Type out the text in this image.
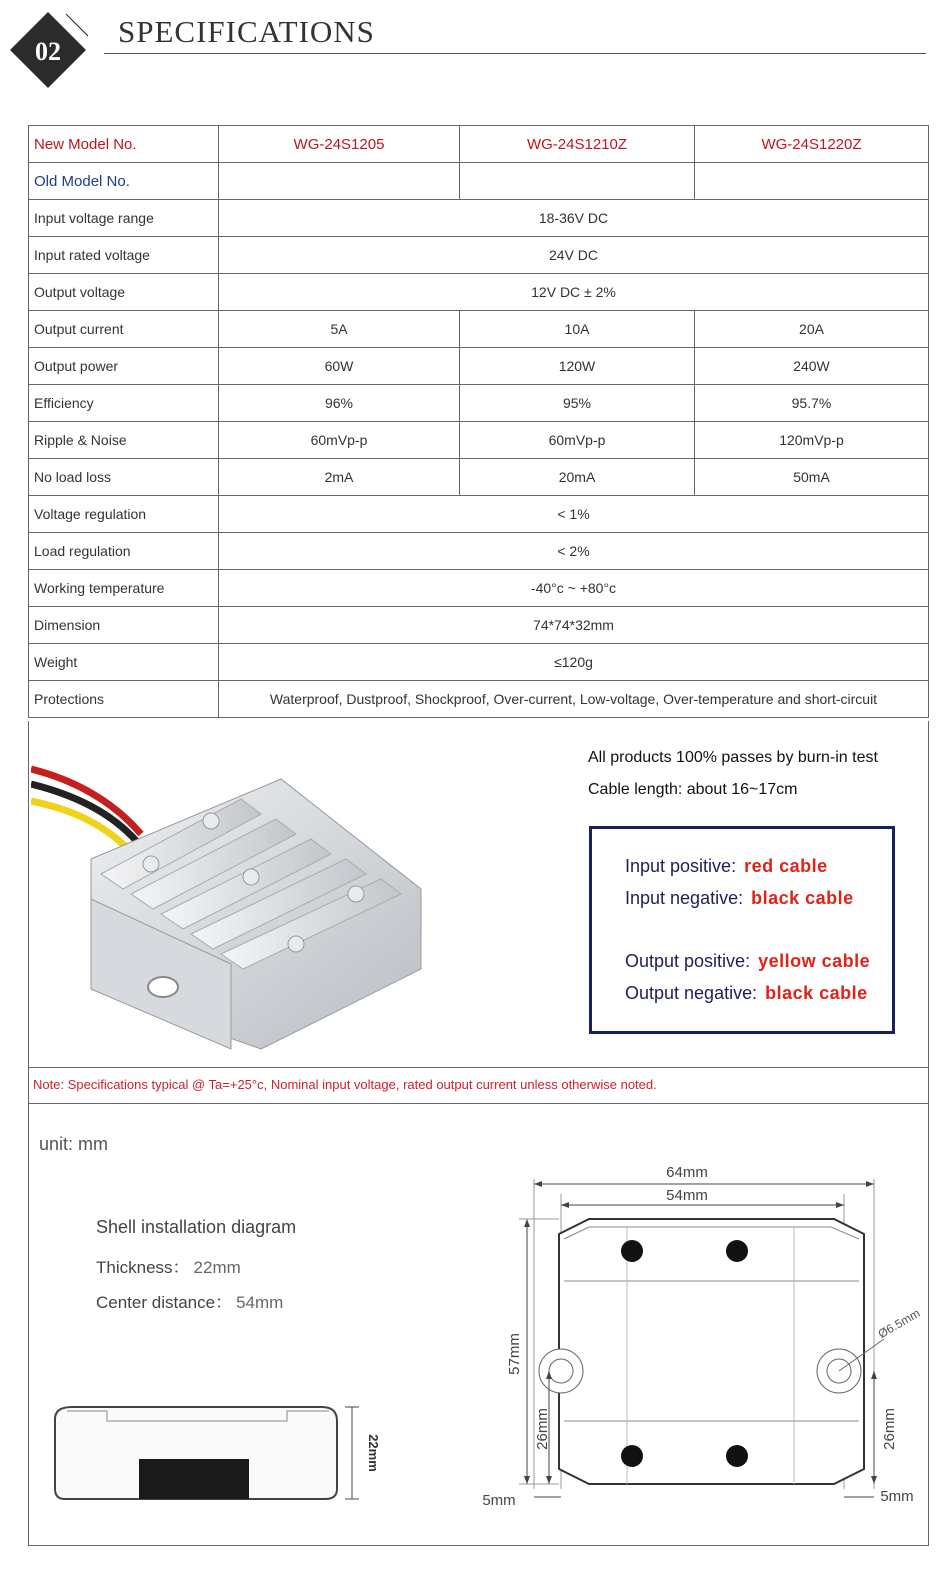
02
SPECIFICATIONS
New Model No.	WG-24S1205	WG-24S1210Z	WG-24S1220Z
Old Model No.			
Input voltage range	18-36V DC		
Input rated voltage	24V DC		
Output voltage	12V DC ± 2%		
Output current	5A	10A	20A
Output power	60W	120W	240W
Efficiency	96%	95%	95.7%
Ripple & Noise	60mVp-p	60mVp-p	120mVp-p
No load loss	2mA	20mA	50mA
Voltage regulation	< 1%		
Load regulation	< 2%		
Working temperature	-40°c ~ +80°c		
Dimension	74*74*32mm		
Weight	≤120g		
Protections	Waterproof, Dustproof, Shockproof, Over-current, Low-voltage, Over-temperature and short-circuit		
All products 100% passes by burn-in test
Cable length: about 16~17cm
Input positive: red cable
Input negative: black cable
Output positive: yellow cable
Output negative: black cable
Note: Specifications typical @ Ta=+25°c, Nominal input voltage, rated output current unless otherwise noted.
unit: mm
Shell installation diagram
Thickness： 22mm
Center distance： 54mm
22mm
64mm
54mm
Ø6.5mm
57mm
26mm	26mm
5mm	5mm
